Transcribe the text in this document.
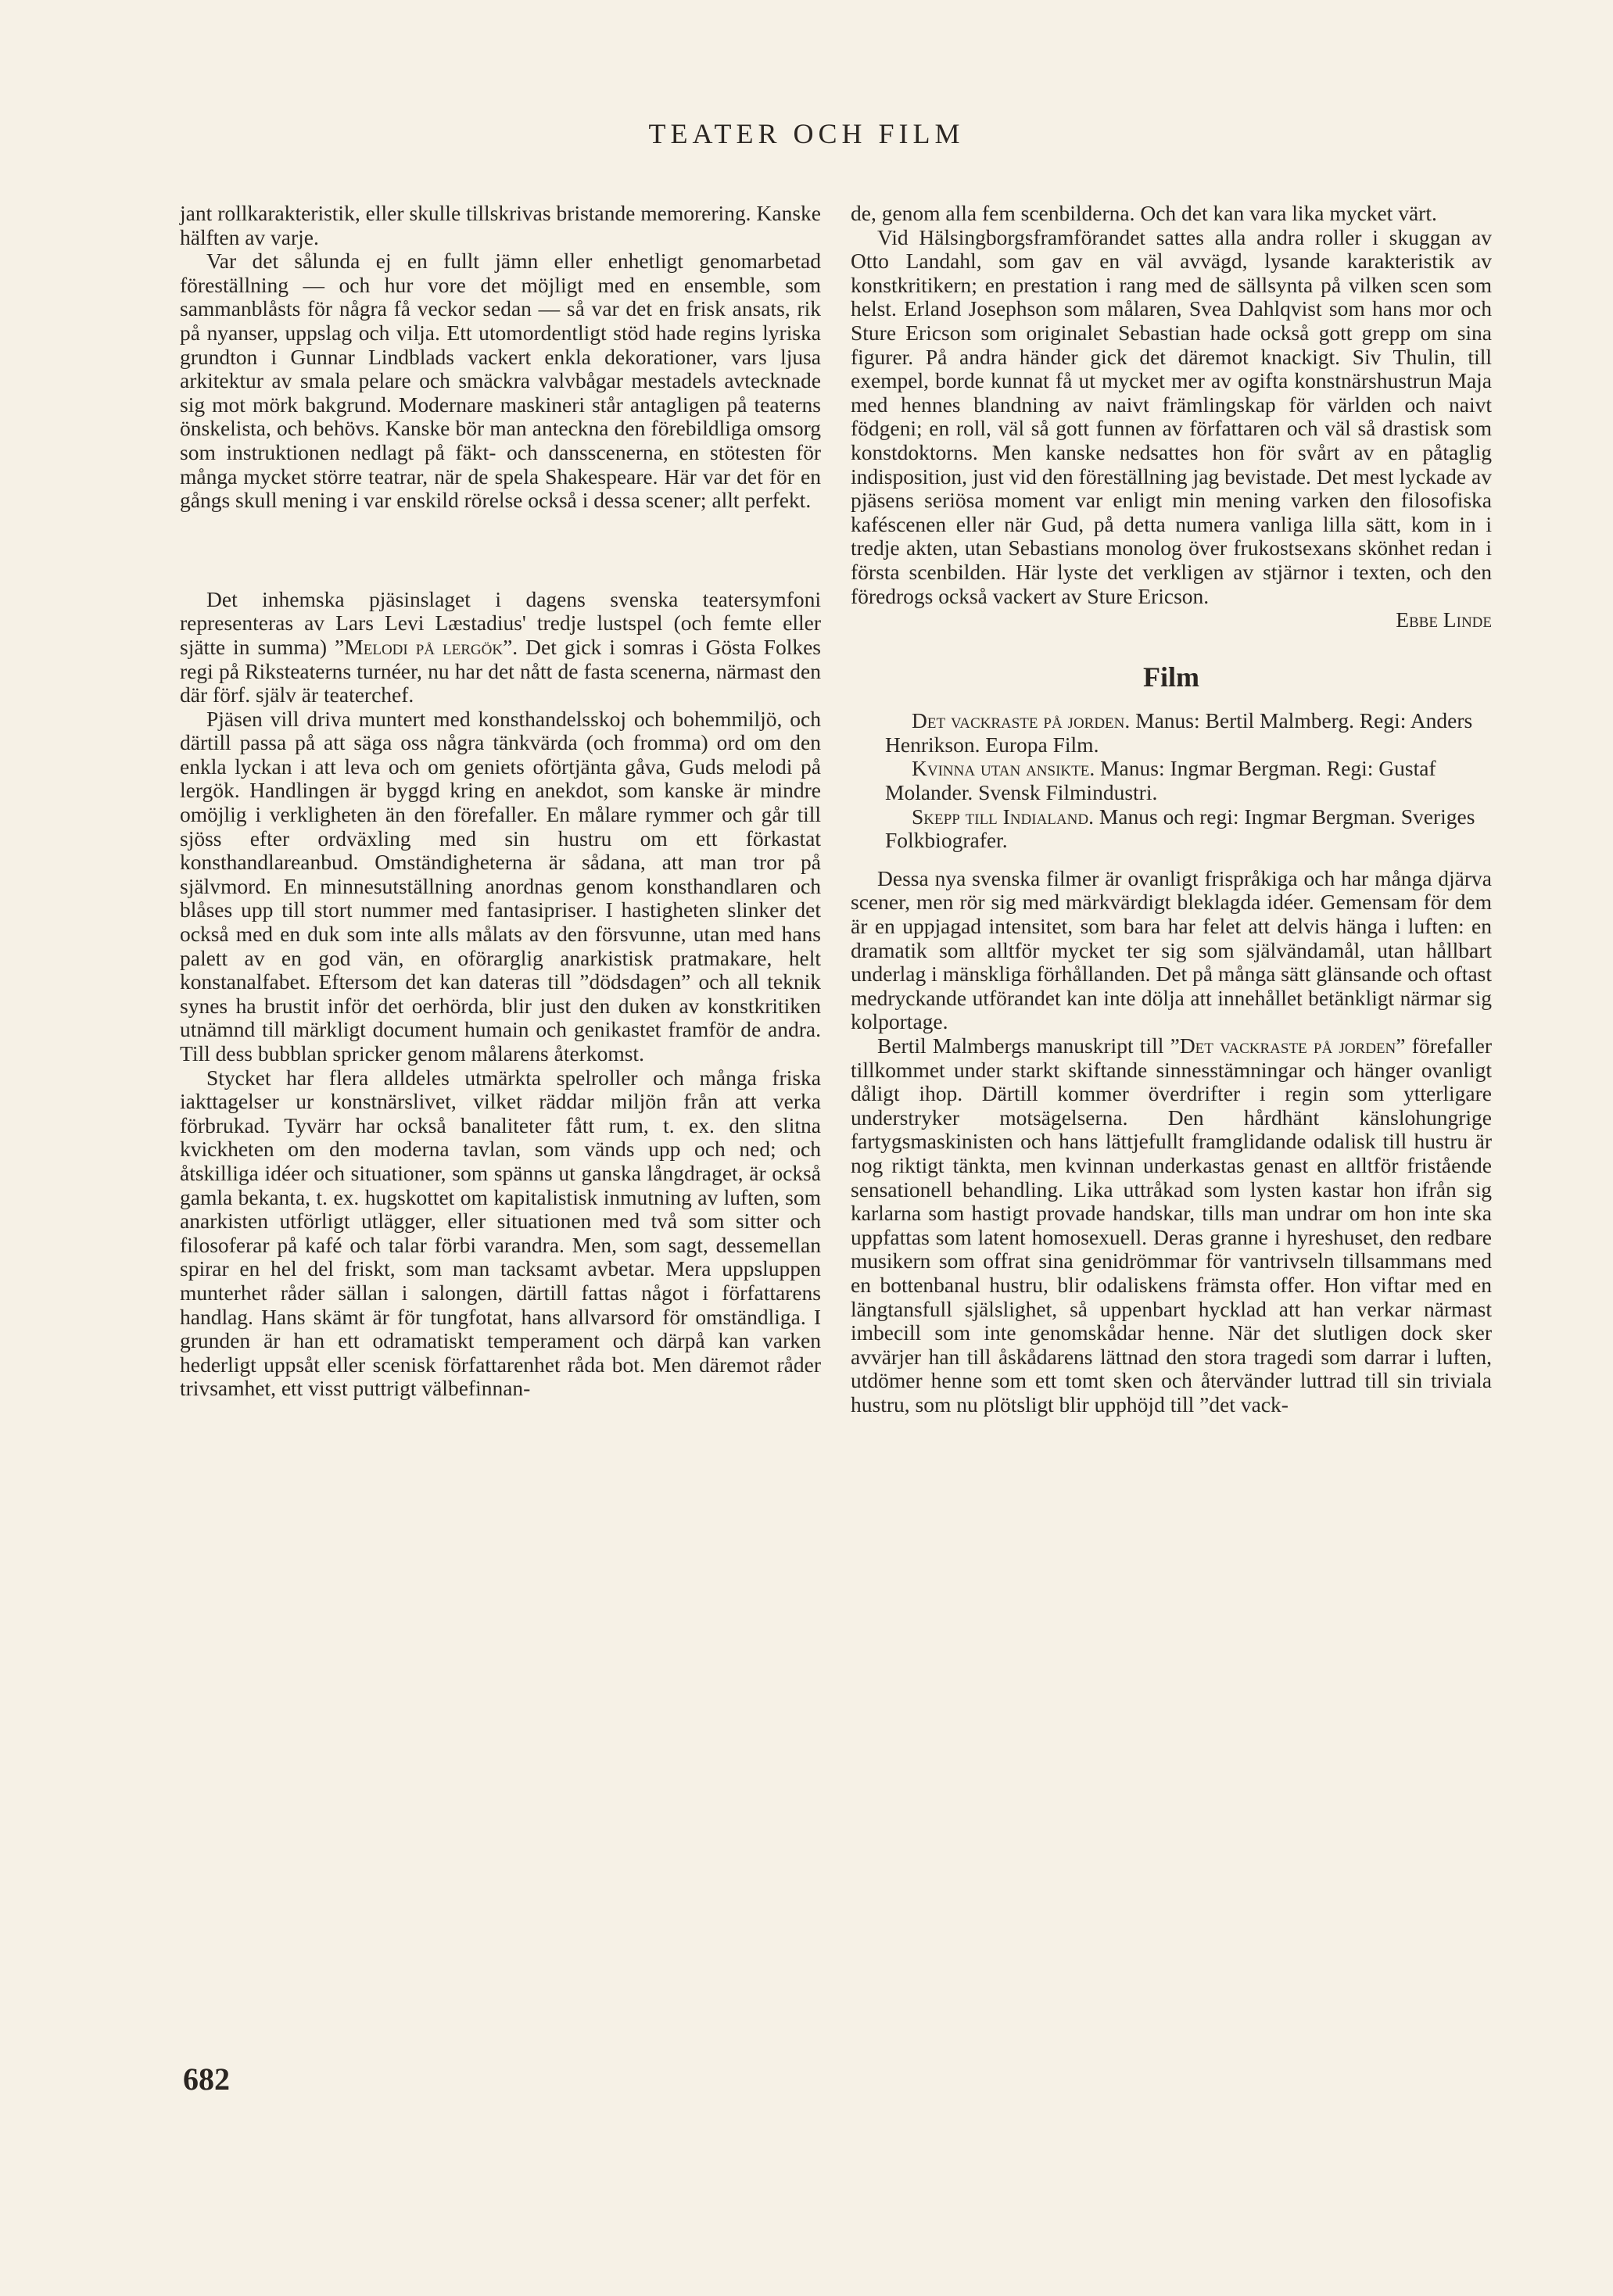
TEATER OCH FILM

jant rollkarakteristik, eller skulle tillskrivas bristande memorering. Kanske hälften av varje.

Var det sålunda ej en fullt jämn eller enhetligt genomarbetad föreställning — och hur vore det möjligt med en ensemble, som sammanblåsts för några få veckor sedan — så var det en frisk ansats, rik på nyanser, uppslag och vilja. Ett utomordentligt stöd hade regins lyriska grundton i Gunnar Lindblads vackert enkla dekorationer, vars ljusa arkitektur av smala pelare och smäckra valvbågar mestadels avtecknade sig mot mörk bakgrund. Modernare maskineri står antagligen på teaterns önskelista, och behövs. Kanske bör man anteckna den förebildliga omsorg som instruktionen nedlagt på fäkt- och dansscenerna, en stötesten för många mycket större teatrar, när de spela Shakespeare. Här var det för en gångs skull mening i var enskild rörelse också i dessa scener; allt perfekt.

Det inhemska pjäsinslaget i dagens svenska teatersymfoni representeras av Lars Levi Læstadius' tredje lustspel (och femte eller sjätte in summa) ”Melodi på lergök”. Det gick i somras i Gösta Folkes regi på Riksteaterns turnéer, nu har det nått de fasta scenerna, närmast den där förf. själv är teaterchef.

Pjäsen vill driva muntert med konsthandelsskoj och bohemmiljö, och därtill passa på att säga oss några tänkvärda (och fromma) ord om den enkla lyckan i att leva och om geniets oförtjänta gåva, Guds melodi på lergök. Handlingen är byggd kring en anekdot, som kanske är mindre omöjlig i verkligheten än den förefaller. En målare rymmer och går till sjöss efter ordväxling med sin hustru om ett förkastat konsthandlareanbud. Omständigheterna är sådana, att man tror på självmord. En minnesutställning anordnas genom konsthandlaren och blåses upp till stort nummer med fantasipriser. I hastigheten slinker det också med en duk som inte alls målats av den försvunne, utan med hans palett av en god vän, en oförarglig anarkistisk pratmakare, helt konstanalfabet. Eftersom det kan dateras till ”dödsdagen” och all teknik synes ha brustit inför det oerhörda, blir just den duken av konstkritiken utnämnd till märkligt document humain och genikastet framför de andra. Till dess bubblan spricker genom målarens återkomst.

Stycket har flera alldeles utmärkta spelroller och många friska iakttagelser ur konstnärslivet, vilket räddar miljön från att verka förbrukad. Tyvärr har också banaliteter fått rum, t. ex. den slitna kvickheten om den moderna tavlan, som vänds upp och ned; och åtskilliga idéer och situationer, som spänns ut ganska långdraget, är också gamla bekanta, t. ex. hugskottet om kapitalistisk inmutning av luften, som anarkisten utförligt utlägger, eller situationen med två som sitter och filosoferar på kafé och talar förbi varandra. Men, som sagt, dessemellan spirar en hel del friskt, som man tacksamt avbetar. Mera uppsluppen munterhet råder sällan i salongen, därtill fattas något i författarens handlag. Hans skämt är för tungfotat, hans allvarsord för omständliga. I grunden är han ett odramatiskt temperament och därpå kan varken hederligt uppsåt eller scenisk författarenhet råda bot. Men däremot råder trivsamhet, ett visst puttrigt välbefinnan-

de, genom alla fem scenbilderna. Och det kan vara lika mycket värt.

Vid Hälsingborgsframförandet sattes alla andra roller i skuggan av Otto Landahl, som gav en väl avvägd, lysande karakteristik av konstkritikern; en prestation i rang med de sällsynta på vilken scen som helst. Erland Josephson som målaren, Svea Dahlqvist som hans mor och Sture Ericson som originalet Sebastian hade också gott grepp om sina figurer. På andra händer gick det däremot knackigt. Siv Thulin, till exempel, borde kunnat få ut mycket mer av ogifta konstnärshustrun Maja med hennes blandning av naivt främlingskap för världen och naivt födgeni; en roll, väl så gott funnen av författaren och väl så drastisk som konstdoktorns. Men kanske nedsattes hon för svårt av en påtaglig indisposition, just vid den föreställning jag bevistade. Det mest lyckade av pjäsens seriösa moment var enligt min mening varken den filosofiska kaféscenen eller när Gud, på detta numera vanliga lilla sätt, kom in i tredje akten, utan Sebastians monolog över frukostsexans skönhet redan i första scenbilden. Här lyste det verkligen av stjärnor i texten, och den föredrogs också vackert av Sture Ericson.

Ebbe Linde

Film

Det vackraste på jorden. Manus: Bertil Malmberg. Regi: Anders Henrikson. Europa Film.

Kvinna utan ansikte. Manus: Ingmar Bergman. Regi: Gustaf Molander. Svensk Filmindustri.

Skepp till Indialand. Manus och regi: Ingmar Bergman. Sveriges Folkbiografer.

Dessa nya svenska filmer är ovanligt frispråkiga och har många djärva scener, men rör sig med märkvärdigt bleklagda idéer. Gemensam för dem är en uppjagad intensitet, som bara har felet att delvis hänga i luften: en dramatik som alltför mycket ter sig som självändamål, utan hållbart underlag i mänskliga förhållanden. Det på många sätt glänsande och oftast medryckande utförandet kan inte dölja att innehållet betänkligt närmar sig kolportage.

Bertil Malmbergs manuskript till ”Det vackraste på jorden” förefaller tillkommet under starkt skiftande sinnesstämningar och hänger ovanligt dåligt ihop. Därtill kommer överdrifter i regin som ytterligare understryker motsägelserna. Den hårdhänt känslohungrige fartygsmaskinisten och hans lättjefullt framglidande odalisk till hustru är nog riktigt tänkta, men kvinnan underkastas genast en alltför fristående sensationell behandling. Lika uttråkad som lysten kastar hon ifrån sig karlarna som hastigt provade handskar, tills man undrar om hon inte ska uppfattas som latent homosexuell. Deras granne i hyreshuset, den redbare musikern som offrat sina genidrömmar för vantrivseln tillsammans med en bottenbanal hustru, blir odaliskens främsta offer. Hon viftar med en längtansfull själslighet, så uppenbart hycklad att han verkar närmast imbecill som inte genomskådar henne. När det slutligen dock sker avvärjer han till åskådarens lättnad den stora tragedi som darrar i luften, utdömer henne som ett tomt sken och återvänder luttrad till sin triviala hustru, som nu plötsligt blir upphöjd till ”det vack-

682
